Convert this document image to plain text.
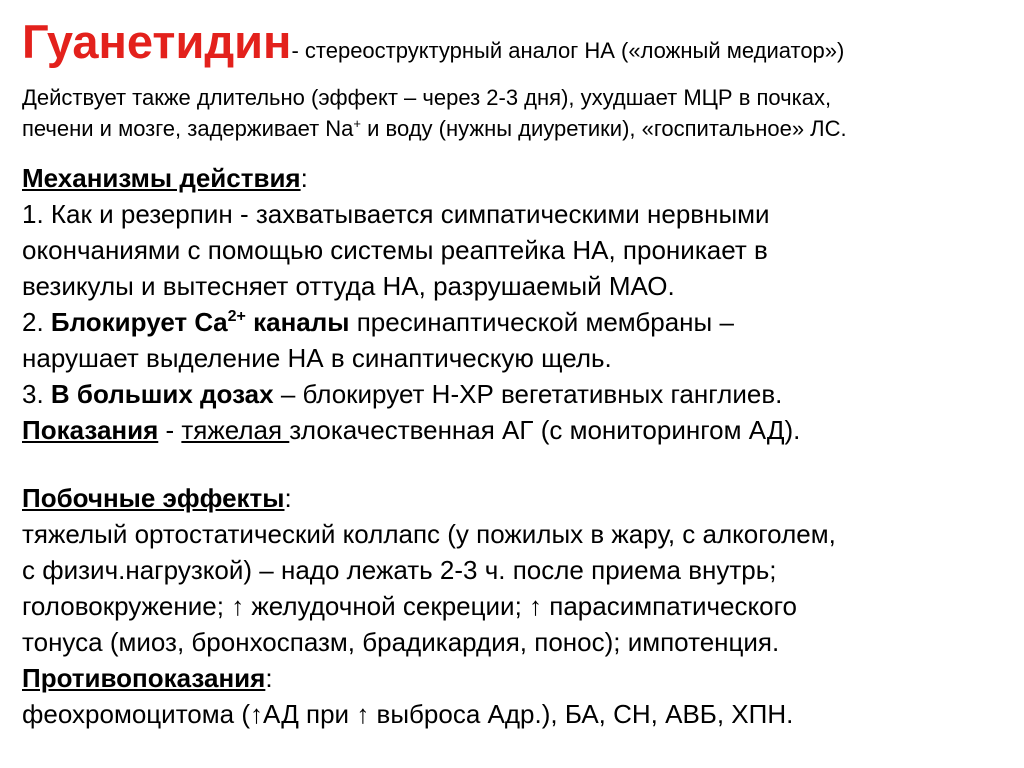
Гуанетидин- стереоструктурный аналог НА («ложный медиатор»)
Действует также длительно (эффект – через 2-3 дня), ухудшает МЦР в почках,
печени и мозге, задерживает Na+ и воду (нужны диуретики), «госпитальное» ЛС.
Механизмы действия:
1. Как и резерпин - захватывается симпатическими нервными
окончаниями с помощью системы реаптейка НА, проникает в
везикулы и вытесняет оттуда НА, разрушаемый МАО.
2. Блокирует $Ca^{2+}$ каналы пресинаптической мембраны –
нарушает выделение НА в синаптическую щель.
3. В больших дозах – блокирует Н-ХР вегетативных ганглиев.
Показания - тяжелая злокачественная АГ (с мониторингом АД).
Побочные эффекты:
тяжелый ортостатический коллапс (у пожилых в жару, с алкоголем,
с физич.нагрузкой) – надо лежать 2-3 ч. после приема внутрь;
головокружение; ↑ желудочной секреции; ↑ парасимпатического
тонуса (миоз, бронхоспазм, брадикардия, понос); импотенция.
Противопоказания:
феохромоцитома (↑АД при ↑ выброса Адр.), БА, СН, АВБ, ХПН.
